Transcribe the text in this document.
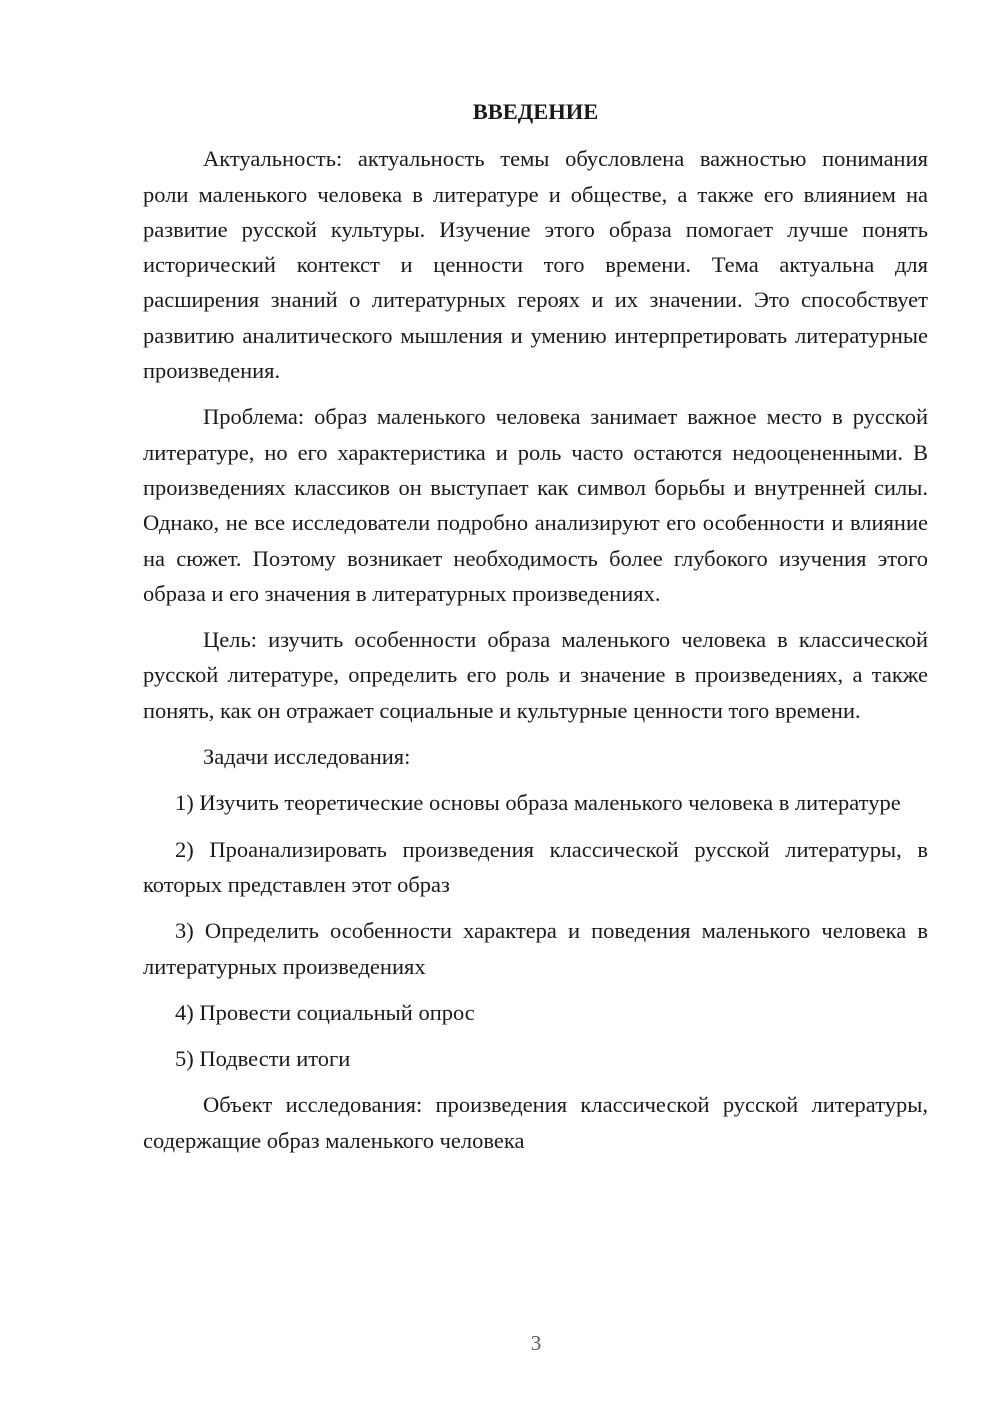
ВВЕДЕНИЕ

Актуальность: актуальность темы обусловлена важностью понимания роли маленького человека в литературе и обществе, а также его влиянием на развитие русской культуры. Изучение этого образа помогает лучше понять исторический контекст и ценности того времени. Тема актуальна для расширения знаний о литературных героях и их значении. Это способствует развитию аналитического мышления и умению интерпретировать литературные произведения.

Проблема: образ маленького человека занимает важное место в русской литературе, но его характеристика и роль часто остаются недооцененными. В произведениях классиков он выступает как символ борьбы и внутренней силы. Однако, не все исследователи подробно анализируют его особенности и влияние на сюжет. Поэтому возникает необходимость более глубокого изучения этого образа и его значения в литературных произведениях.

Цель: изучить особенности образа маленького человека в классической русской литературе, определить его роль и значение в произведениях, а также понять, как он отражает социальные и культурные ценности того времени.

Задачи исследования:

1) Изучить теоретические основы образа маленького человека в литературе

2) Проанализировать произведения классической русской литературы, в которых представлен этот образ

3) Определить особенности характера и поведения маленького человека в литературных произведениях

4) Провести социальный опрос

5) Подвести итоги

Объект исследования: произведения классической русской литературы, содержащие образ маленького человека

3
